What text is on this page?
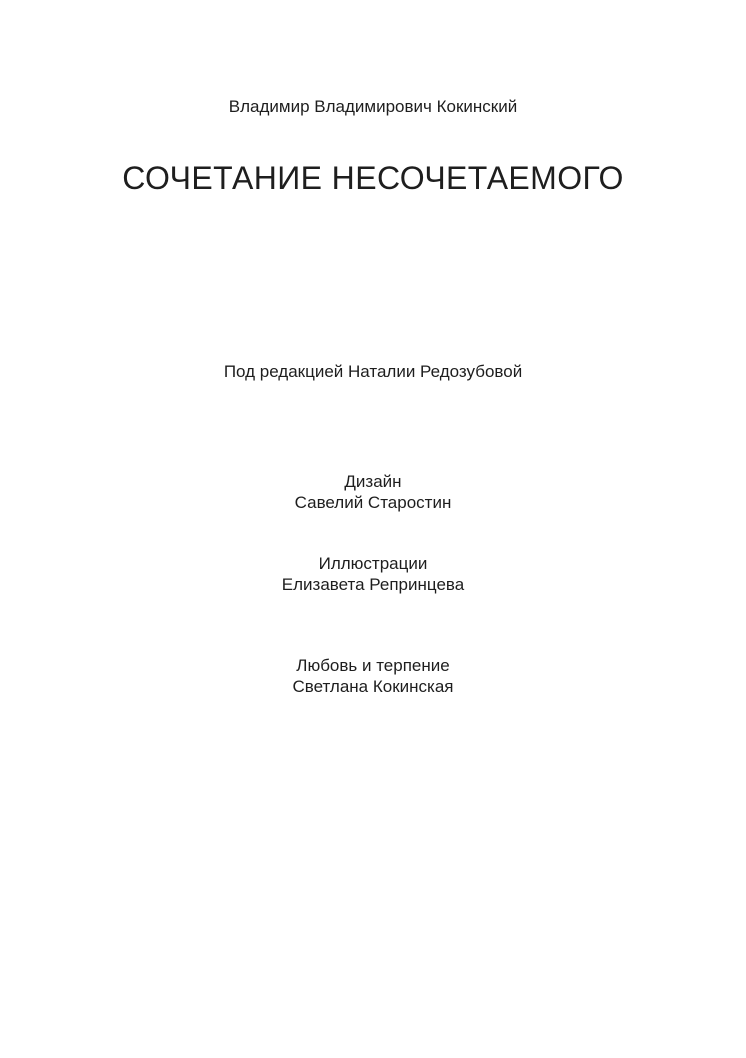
Владимир Владимирович Кокинский
СОЧЕТАНИЕ НЕСОЧЕТАЕМОГО
Под редакцией Наталии Редозубовой
Дизайн
Савелий Старостин
Иллюстрации
Елизавета Репринцева
Любовь и терпение
Светлана Кокинская
